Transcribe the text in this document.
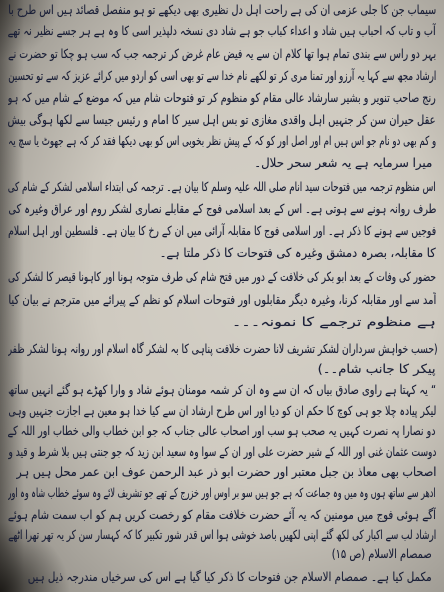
سیماب جن کا جلی عزمی ان کی ہے راحت اہل دل نظیری بھی دیکھے تو ہو منفصل قصائد ہیں اس طرح با
آب و تاب کہ احباب ہیں شاد و اعداء کباب جو ہے شاد دی نسخہ دلپذیر اسی کا وہ ہے ہر جسے نظیر نہ تھے
بہر دو راس سے بندی تمام ہوا تھا کلام ان سے یہ فیض عام غرض کر ترجمہ جب کہ سب ہو چکا تو حضرت نے
ارشاد مجھ سے کہا یہ آرزو اور تمنا مری کر تو لکھے نام خدا سے تو بھی اسی کو اردو میں کرائے عزیز کہ سے تو تحسین
رنج صاحب تنویر و بشیر سارشاد عالی مقام کو منظوم کر تو فتوحات شام میں کہ موضع کے شام میں کہ ہو
عقل حیران سن کر جنہیں اہل واقدی مغازی تو بس اہل سیر کا امام و رئیس جیسا سے لکھا ہوگی بیش
و کم بھی دو نام جو اس ہیں ام اور اصل اور کو کہ کے پیش نظر بخوبی اس کو بھی دیکھا فقد کر کہ ہے جھوٹ یا سچ یہ
میرا سرمایہ ہے یہ شعر سحر حلال۔
اس منظوم ترجمہ میں فتوحات سید انام صلی اللہ علیہ وسلم کا بیان ہے۔ ترجمہ کی ابتداء اسلامی لشکر کے شام کی
طرف روانہ ہونے سے ہوتی ہے۔ اس کے بعد اسلامی فوج کے مقابلے نصاری لشکر روم اور عراق وغیرہ کی
فوجیں سے ہونے کا ذکر ہے۔ اور اسلامی فوج کا مقابلہ آرائی میں ان کے رخ کا بیان ہے۔ فلسطین اور اہل اسلام
کا مقابلہ، بصرہ دمشق وغیرہ کی فتوحات کا ذکر ملتا ہے۔
حضور کی وفات کے بعد ابو بکر کی خلافت کے دور میں فتح شام کی طرف متوجہ ہونا اور کاہونا قیصر کا لشکر کی
آمد سے اور مقابلہ کرنا، وغیرہ دیگر مقابلوں اور فتوحات اسلام کو نظم کے پیرائے میں مترجم نے بیان کیا
ہے منظوم ترجمے کا نمونہ۔۔۔
(حسب خواہش سرداران لشکر تشریف لانا حضرت خلافت پناہی کا بہ لشکر گاہ اسلام اور روانہ ہونا لشکر ظفر
پیکر کا جانب شام۔۔)
“ یہ کہتا ہے راوی صادق بیاں کہ ان سے وہ ان کر شمہ مومنان ہوئے شاد و وارا کھڑے ہو گئے انہیں ساتھ
لیکر پیادہ چلا جو ہی کوچ کا حکم ان کو دیا اور اس طرح ارشاد ان سے کیا خدا ہو معین ہے اجازت جنہیں وہی
دو نصارا پہ نصرت کہیں یہ صحب ہو سب اور اصحاب عالی جناب کہ جو ابن خطاب والی خطاب اور اللہ کے
دوست عثمان غنی اور اللہ کے شیر حضرت علی اور ان کے سوا وہ سعید ابن زید کہ جو جنتی ہیں بلا شرط و قید و
اصحاب بھی معاذ بن جبل معتبر اور حضرت ابو ذر عبد الرحمن عوف ابن عمر محل ہیں ہر
ادھر سے ساتھ ہوں وہ میں وہ جماعت کہ ہے جو ہیں سو بر اوس اور خزرج کے تھے جو تشریف لائے وہ سوئے خطاب شاہ وہ اور
آگے ہوئی فوج میں مومنین کہ یہ آئے حضرت خلافت مقام کو رخصت کریں ہم کو اب سمت شام ہوئے
ارشاد لب سے اکبار کی لکھ گئے اپنی لکھیں باصد خوشی ہوا اس قدر شور تکبیر کا کہ کہسار سن کر یہ تھر تھرا اٹھے
صمصام الاسلام (ص ۱۵)
مکمل کیا ہے۔ صمصام الاسلام جن فتوحات کا ذکر کیا گیا ہے اس کی سرخیاں مندرجہ ذیل ہیں
